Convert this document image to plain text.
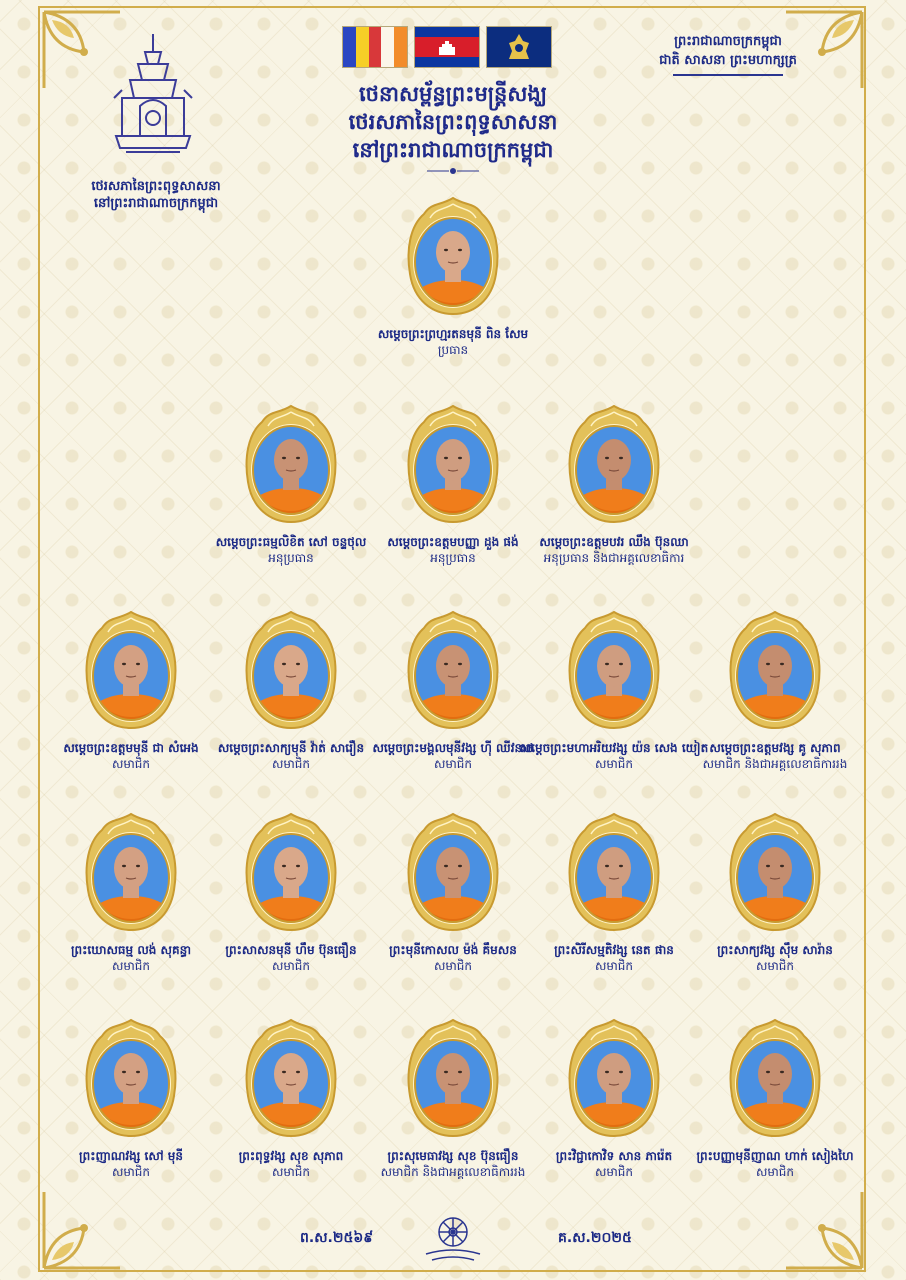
ថេរសភានៃព្រះពុទ្ធសាសនា
នៅព្រះរាជាណាចក្រកម្ពុជា
ថេនាសម្ព័ន្ធព្រះមន្ត្រីសង្ឃ
ថេរសភានៃព្រះពុទ្ធសាសនា
នៅព្រះរាជាណាចក្រកម្ពុជា
ព្រះរាជាណាចក្រកម្ពុជា
ជាតិ សាសនា ព្រះមហាក្សត្រ
សម្តេចព្រះព្រហ្មរតនមុនី ពិន សែម
ប្រធាន
សម្តេចព្រះធម្មលិខិត សៅ ចន្ទថុល
អនុប្រធាន
សម្តេចព្រះឧត្តមបញ្ញា ដួង ផង់
អនុប្រធាន
សម្តេចព្រះឧត្តមបវរ ឈឹង ប៊ុនឈា
អនុប្រធាន និងជាអគ្គលេខាធិការ
សម្តេចព្រះឧត្តមមុនី ជា សំអេង
សមាជិក
សម្តេចព្រះសាក្យមុនី វ៉ាត់ សារឿន
សមាជិក
សម្តេចព្រះមង្គលមុនីវង្ស ហុី ឈីវនាថ
សមាជិក
សម្តេចព្រះមហាអរិយវង្ស យ៉ន សេង យៀត
សមាជិក
សម្តេចព្រះឧត្តមវង្ស គូ សុភាព
សមាជិក និងជាអគ្គលេខាធិការរង
ព្រះឃោសធម្ម លង់ សុគន្ធា
សមាជិក
ព្រះសាសនមុនី ហឹម ប៊ុនធឿន
សមាជិក
ព្រះមុនីកោសល ម៉ង់ គឹមសន
សមាជិក
ព្រះសិរីសម្មតិវង្ស នេត ផាន
សមាជិក
ព្រះសាក្យវង្ស ស៊ឹម សារ៉ាន
សមាជិក
ព្រះញាណវង្ស សៅ មុនី
សមាជិក
ព្រះពុទ្ធវង្ស សុខ សុភាព
សមាជិក
ព្រះសុមេធាវង្ស សុខ ប៊ុនធឿន
សមាជិក និងជាអគ្គលេខាធិការរង
ព្រះវិជ្ជាកោវិទ សាន ភារ៉េត
សមាជិក
ព្រះបញ្ញាមុនីញាណ ហាក់ សៀងហៃ
សមាជិក
ព.ស.២៥៦៩	គ.ស.២០២៥
